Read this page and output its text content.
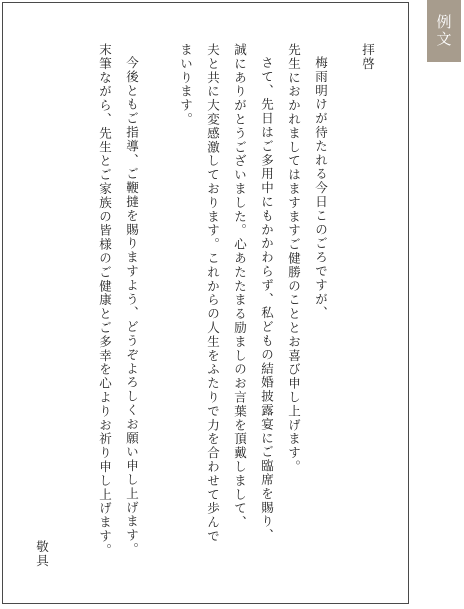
拝啓
梅雨明けが待たれる今日このごろですが、
先生におかれましてはますますご健勝のこととお喜び申し上げます。
さて、先日はご多用中にもかかわらず、私どもの結婚披露宴にご臨席を賜り、
誠にありがとうございました。心あたたまる励ましのお言葉を頂戴しまして、
夫と共に大変感激しております。これからの人生をふたりで力を合わせて歩んで
まいります。
今後ともご指導、ご鞭撻を賜りますよう、どうぞよろしくお願い申し上げます。
末筆ながら、先生とご家族の皆様のご健康とご多幸を心よりお祈り申し上げます。
敬具
例文
